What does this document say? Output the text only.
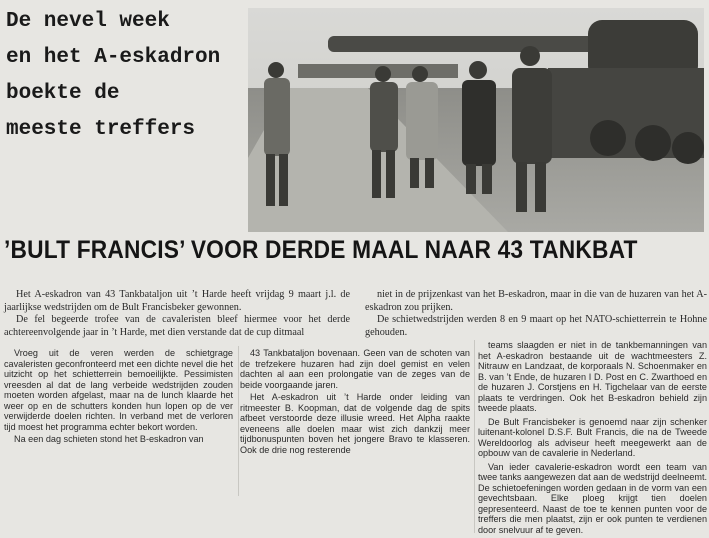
De nevel week
en het A-eskadron
boekte de
meeste treffers
’BULT FRANCIS’ VOOR DERDE MAAL NAAR 43 TANKBAT

Het A-eskadron van 43 Tankbataljon uit ’t Harde heeft vrijdag 9 maart j.l. de jaarlijkse wedstrijden om de Bult Francisbeker gewonnen.

De fel begeerde trofee van de cavaleristen bleef hiermee voor het derde achtereenvolgende jaar in ’t Harde, met dien verstande dat de cup ditmaal

niet in de prijzenkast van het B-eskadron, maar in die van de huzaren van het A-eskadron zou prijken.

De schietwedstrijden werden 8 en 9 maart op het NATO-schietterrein te Hohne gehouden.

Vroeg uit de veren werden de schietgrage cavaleristen geconfronteerd met een dichte nevel die het uitzicht op het schietterrein bemoeilijkte. Pessimisten vreesden al dat de lang verbeide wedstrijden zouden moeten worden afgelast, maar na de lunch klaarde het weer op en de schutters konden hun lopen op de ver verwijderde doelen richten. In verband met de verloren tijd moest het programma echter bekort worden.

Na een dag schieten stond het B-eskadron van

43 Tankbataljon bovenaan. Geen van de schoten van de trefzekere huzaren had zijn doel gemist en velen dachten al aan een prolongatie van de zeges van de beide voorgaande jaren.

Het A-eskadron uit ’t Harde onder leiding van ritmeester B. Koopman, dat de volgende dag de spits afbeet verstoorde deze illusie wreed. Het Alpha raakte eveneens alle doelen maar wist zich dankzij meer tijdbonuspunten boven het jongere Bravo te klasseren. Ook de drie nog resterende

teams slaagden er niet in de tankbemanningen van het A-eskadron bestaande uit de wachtmeesters Z. Nitrauw en Landzaat, de korporaals N. Schoenmaker en B. van ’t Ende, de huzaren I D. Post en C. Zwarthoed en de huzaren J. Corstjens en H. Tigchelaar van de eerste plaats te verdringen. Ook het B-eskadron behield zijn tweede plaats.

De Bult Francisbeker is genoemd naar zijn schenker luitenant-kolonel D.S.F. Bult Francis, die na de Tweede Wereldoorlog als adviseur heeft meegewerkt aan de opbouw van de cavalerie in Nederland.

Van ieder cavalerie-eskadron wordt een team van twee tanks aangewezen dat aan de wedstrijd deelneemt. De schietoefeningen worden gedaan in de vorm van een gevechtsbaan. Elke ploeg krijgt tien doelen gepresenteerd. Naast de toe te kennen punten voor de treffers die men plaatst, zijn er ook punten te verdienen door snelvuur af te geven.
